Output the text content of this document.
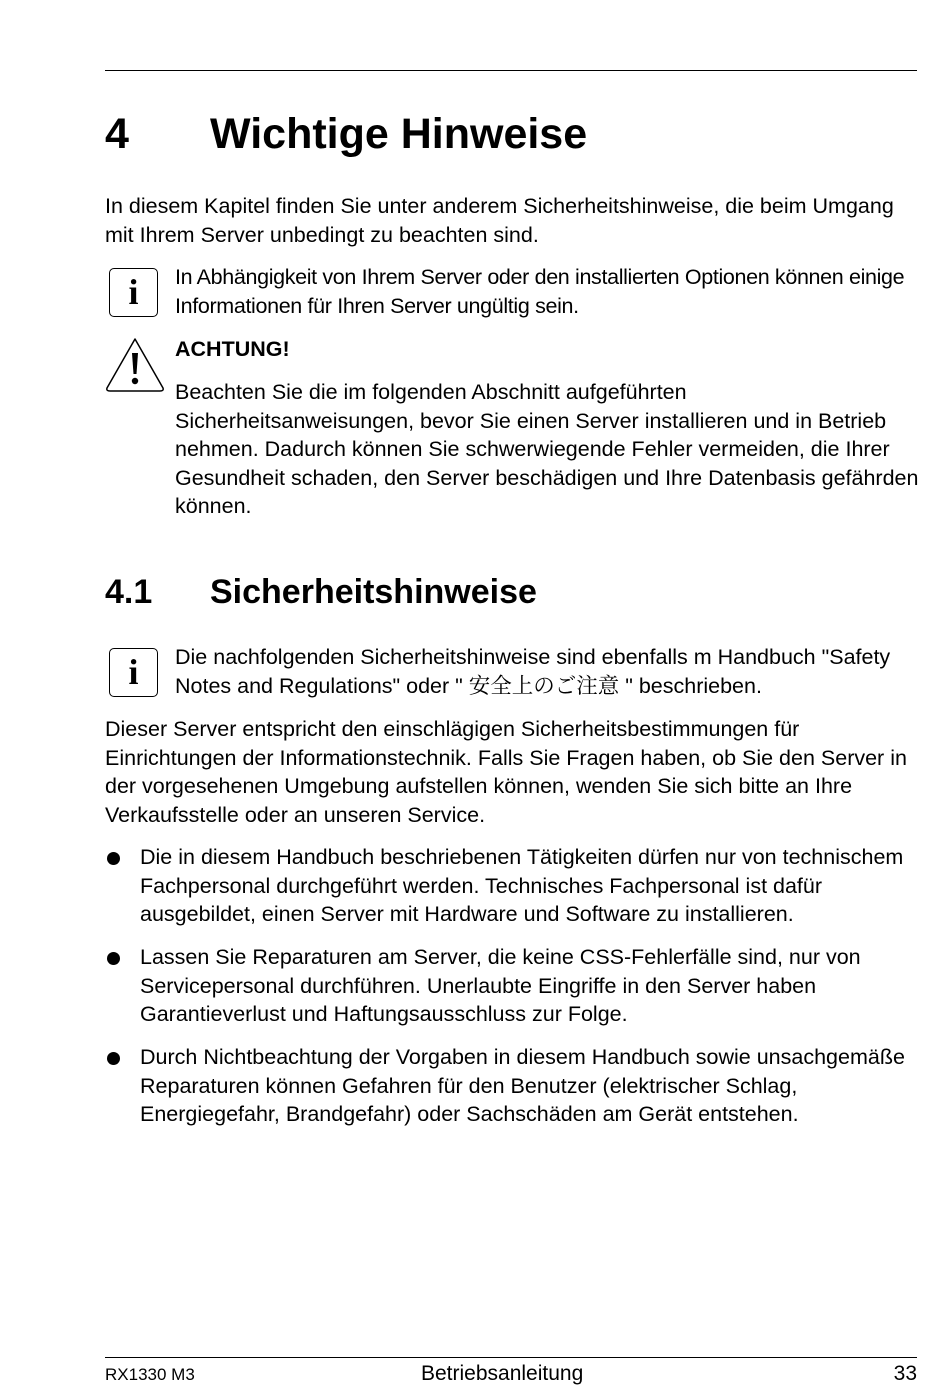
4 Wichtige Hinweise

In diesem Kapitel finden Sie unter anderem Sicherheitshinweise, die beim Umgang mit Ihrem Server unbedingt zu beachten sind.

i	In Abhängigkeit von Ihrem Server oder den installierten Optionen können einige Informationen für Ihren Server ungültig sein.

ACHTUNG!

Beachten Sie die im folgenden Abschnitt aufgeführten Sicherheitsanweisungen, bevor Sie einen Server installieren und in Betrieb nehmen. Dadurch können Sie schwerwiegende Fehler vermeiden, die Ihrer Gesundheit schaden, den Server beschädigen und Ihre Datenbasis gefährden können.

4.1 Sicherheitshinweise
i	Die nachfolgenden Sicherheitshinweise sind ebenfalls m Handbuch "Safety Notes and Regulations" oder " 安全上のご注意 " beschrieben.

Dieser Server entspricht den einschlägigen Sicherheitsbestimmungen für Einrichtungen der Informationstechnik. Falls Sie Fragen haben, ob Sie den Server in der vorgesehenen Umgebung aufstellen können, wenden Sie sich bitte an Ihre Verkaufsstelle oder an unseren Service.

Die in diesem Handbuch beschriebenen Tätigkeiten dürfen nur von technischem Fachpersonal durchgeführt werden. Technisches Fachpersonal ist dafür ausgebildet, einen Server mit Hardware und Software zu installieren.
Lassen Sie Reparaturen am Server, die keine CSS-Fehlerfälle sind, nur von Servicepersonal durchführen. Unerlaubte Eingriffe in den Server haben Garantieverlust und Haftungsausschluss zur Folge.
Durch Nichtbeachtung der Vorgaben in diesem Handbuch sowie unsachgemäße Reparaturen können Gefahren für den Benutzer (elektrischer Schlag, Energiegefahr, Brandgefahr) oder Sachschäden am Gerät entstehen.
RX1330 M3	Betriebsanleitung	33
